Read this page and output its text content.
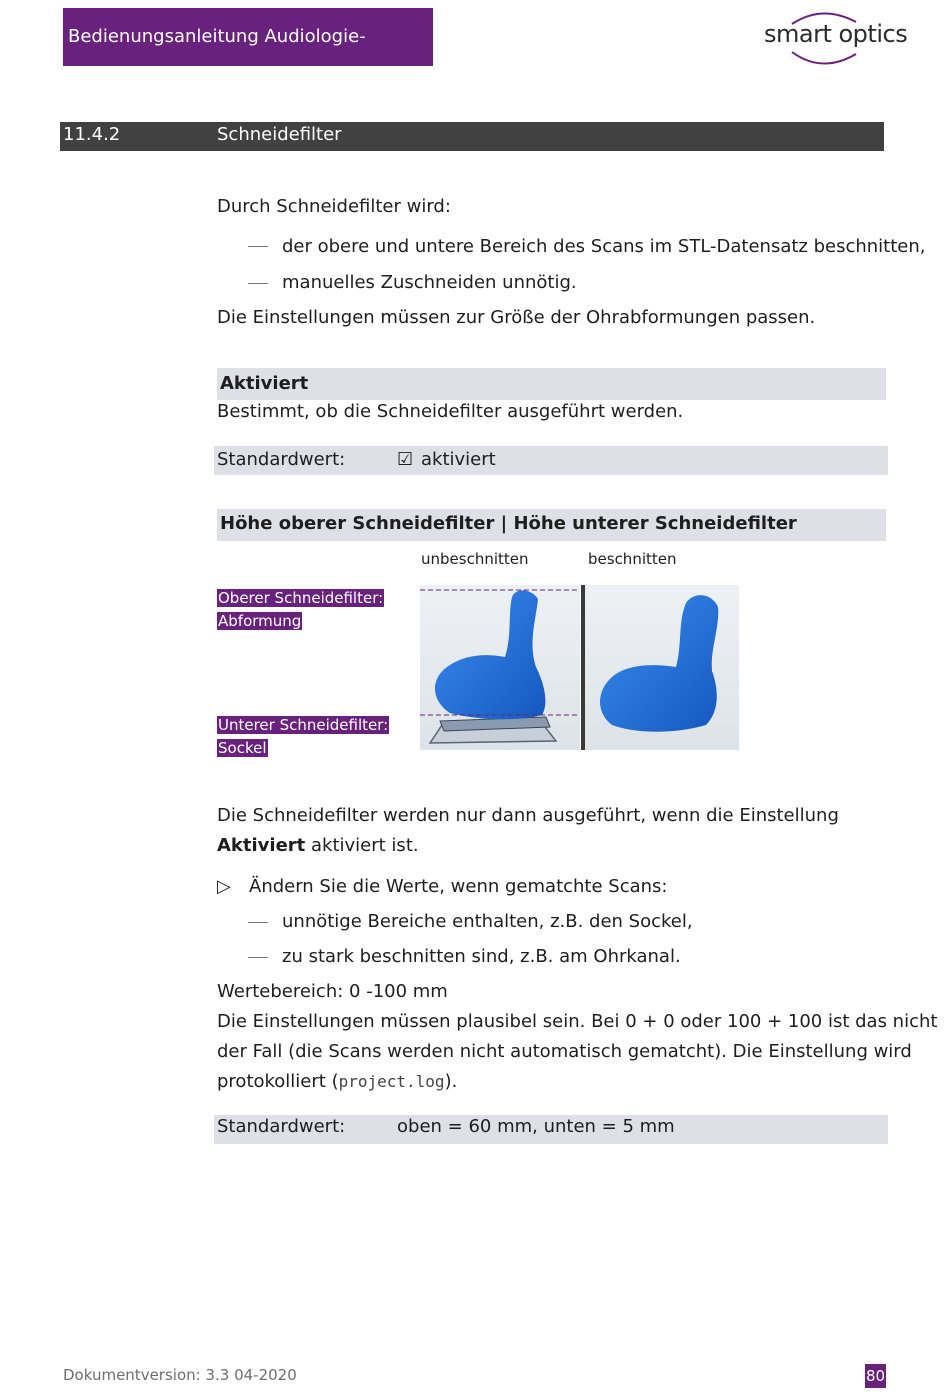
Bedienungsanleitung Audiologie-Scanner
smart optics
11.4.2	Schneidefilter
Durch Schneidefilter wird:
der obere und untere Bereich des Scans im STL-Datensatz beschnitten,
manuelles Zuschneiden unnötig.
Die Einstellungen müssen zur Größe der Ohrabformungen passen.
Aktiviert
Bestimmt, ob die Schneidefilter ausgeführt werden.
Standardwert:	☑ aktiviert
Höhe oberer Schneidefilter | Höhe unterer Schneidefilter
unbeschnitten	beschnitten
Oberer Schneidefilter:
Abformung
Unterer Schneidefilter:
Sockel
Die Schneidefilter werden nur dann ausgeführt, wenn die Einstellung
Aktiviert aktiviert ist.
▷ Ändern Sie die Werte, wenn gematchte Scans:
unnötige Bereiche enthalten, z.B. den Sockel,
zu stark beschnitten sind, z.B. am Ohrkanal.
Wertebereich: 0 -100 mm
Die Einstellungen müssen plausibel sein. Bei 0 + 0 oder 100 + 100 ist das nicht
der Fall (die Scans werden nicht automatisch gematcht). Die Einstellung wird
protokolliert (project.log).
Standardwert:	oben = 60 mm, unten = 5 mm
Dokumentversion: 3.3 04-2020	80
